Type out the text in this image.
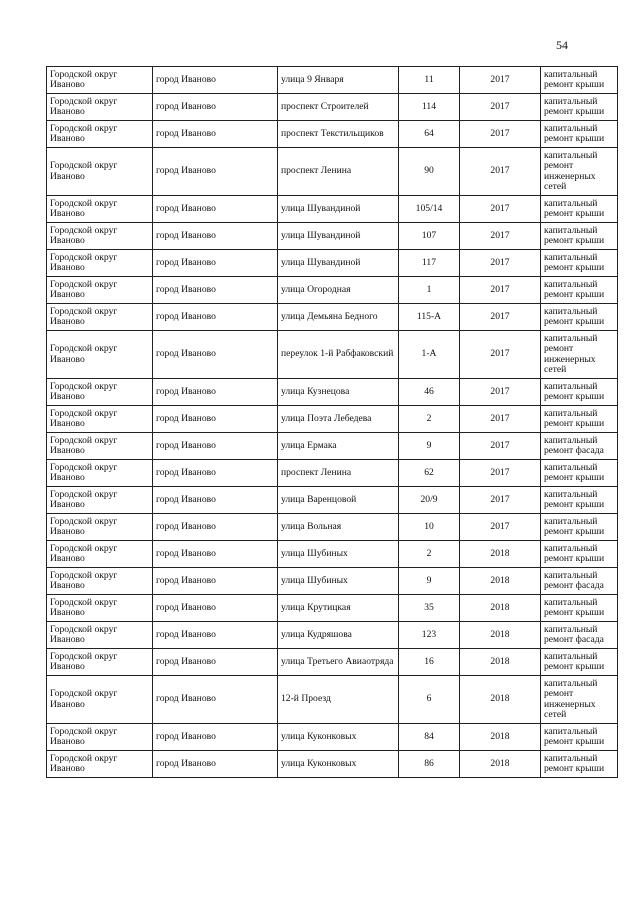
54
Городской округ Иваново	город Иваново	улица 9 Января	11	2017	капитальный ремонт крыши
Городской округ Иваново	город Иваново	проспект Строителей	114	2017	капитальный ремонт крыши
Городской округ Иваново	город Иваново	проспект Текстильщиков	64	2017	капитальный ремонт крыши
Городской округ Иваново	город Иваново	проспект Ленина	90	2017	капитальный ремонт инженерных сетей
Городской округ Иваново	город Иваново	улица Шувандиной	105/14	2017	капитальный ремонт крыши
Городской округ Иваново	город Иваново	улица Шувандиной	107	2017	капитальный ремонт крыши
Городской округ Иваново	город Иваново	улица Шувандиной	117	2017	капитальный ремонт крыши
Городской округ Иваново	город Иваново	улица Огородная	1	2017	капитальный ремонт крыши
Городской округ Иваново	город Иваново	улица Демьяна Бедного	115-А	2017	капитальный ремонт крыши
Городской округ Иваново	город Иваново	переулок 1-й Рабфаковский	1-А	2017	капитальный ремонт инженерных сетей
Городской округ Иваново	город Иваново	улица Кузнецова	46	2017	капитальный ремонт крыши
Городской округ Иваново	город Иваново	улица Поэта Лебедева	2	2017	капитальный ремонт крыши
Городской округ Иваново	город Иваново	улица Ермака	9	2017	капитальный ремонт фасада
Городской округ Иваново	город Иваново	проспект Ленина	62	2017	капитальный ремонт крыши
Городской округ Иваново	город Иваново	улица Варенцовой	20/9	2017	капитальный ремонт крыши
Городской округ Иваново	город Иваново	улица Вольная	10	2017	капитальный ремонт крыши
Городской округ Иваново	город Иваново	улица Шубиных	2	2018	капитальный ремонт крыши
Городской округ Иваново	город Иваново	улица Шубиных	9	2018	капитальный ремонт фасада
Городской округ Иваново	город Иваново	улица Крутицкая	35	2018	капитальный ремонт крыши
Городской округ Иваново	город Иваново	улица Кудряшова	123	2018	капитальный ремонт фасада
Городской округ Иваново	город Иваново	улица Третьего Авиаотряда	16	2018	капитальный ремонт крыши
Городской округ Иваново	город Иваново	12-й Проезд	6	2018	капитальный ремонт инженерных сетей
Городской округ Иваново	город Иваново	улица Куконковых	84	2018	капитальный ремонт крыши
Городской округ Иваново	город Иваново	улица Куконковых	86	2018	капитальный ремонт крыши
